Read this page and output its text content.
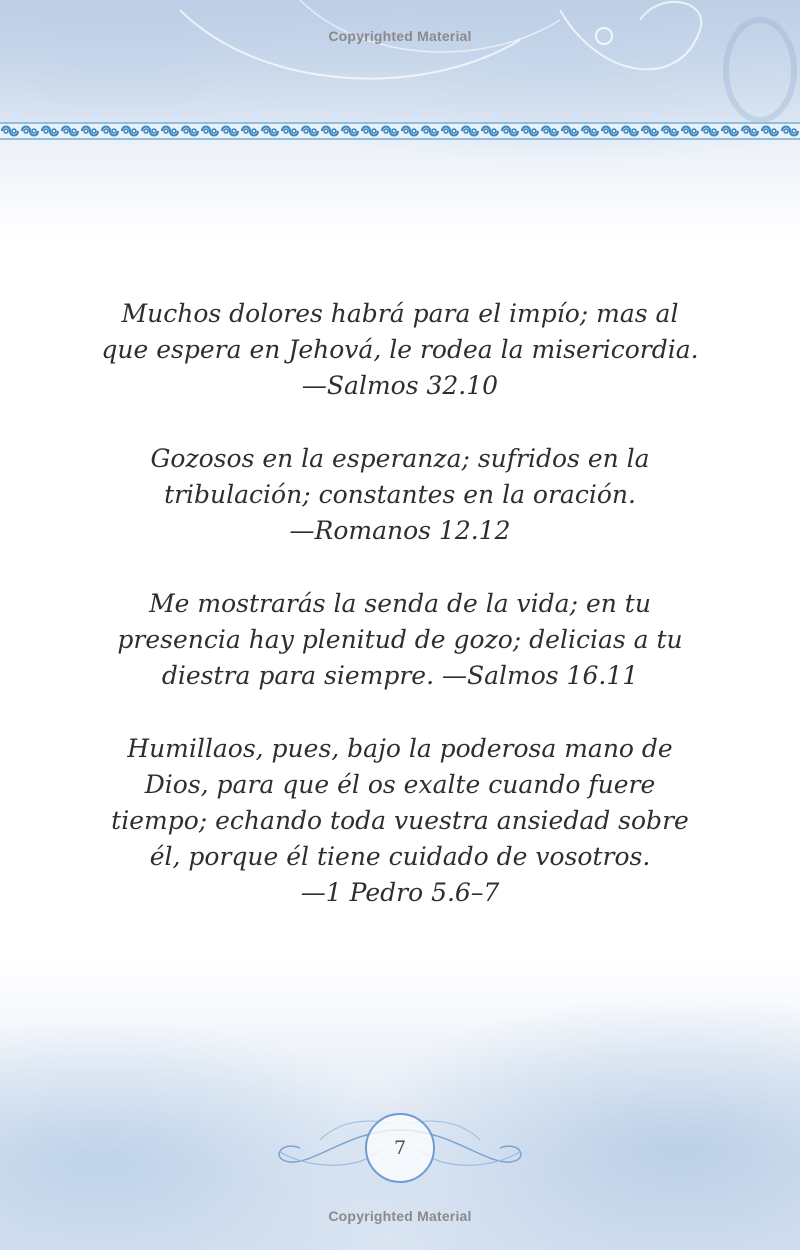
Copyrighted Material

Muchos dolores habrá para el impío; mas al
que espera en Jehová, le rodea la misericordia.
—Salmos 32.10

Gozosos en la esperanza; sufridos en la
tribulación; constantes en la oración.
—Romanos 12.12

Me mostrarás la senda de la vida; en tu
presencia hay plenitud de gozo; delicias a tu
diestra para siempre. —Salmos 16.11

Humillaos, pues, bajo la poderosa mano de
Dios, para que él os exalte cuando fuere
tiempo; echando toda vuestra ansiedad sobre
él, porque él tiene cuidado de vosotros.
—1 Pedro 5.6–7

7
Copyrighted Material
